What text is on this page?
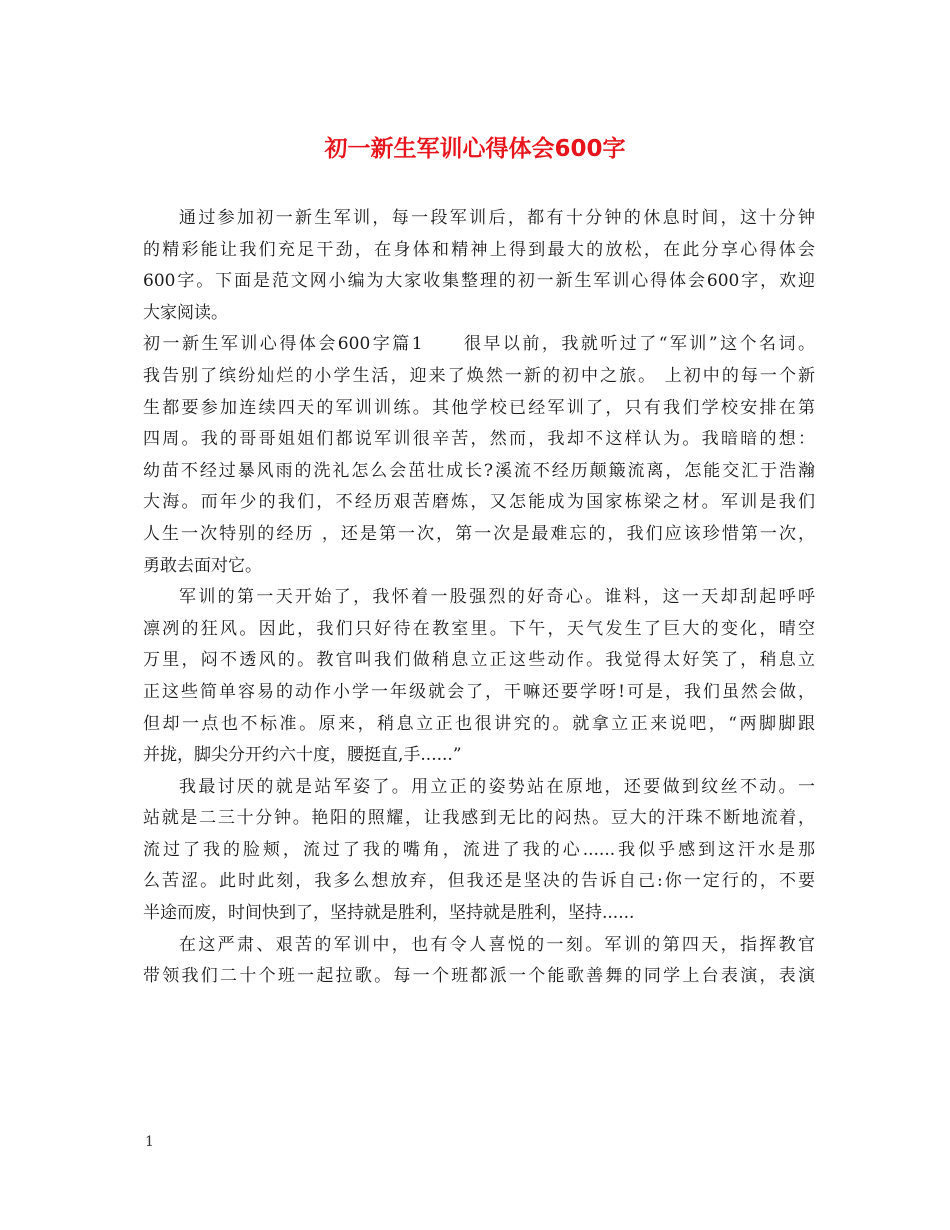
初一新生军训心得体会600字
通过参加初一新生军训，每一段军训后，都有十分钟的休息时间，这十分钟
的精彩能让我们充足干劲，在身体和精神上得到最大的放松，在此分享心得体会
600字。下面是范文网小编为大家收集整理的初一新生军训心得体会600字，欢迎
大家阅读。
初一新生军训心得体会600字篇1　　很早以前，我就听过了“军训”这个名词。
我告别了缤纷灿烂的小学生活，迎来了焕然一新的初中之旅。 上初中的每一个新
生都要参加连续四天的军训训练。其他学校已经军训了，只有我们学校安排在第
四周。我的哥哥姐姐们都说军训很辛苦，然而，我却不这样认为。我暗暗的想：
幼苗不经过暴风雨的洗礼怎么会茁壮成长?溪流不经历颠簸流离，怎能交汇于浩瀚
大海。而年少的我们，不经历艰苦磨炼，又怎能成为国家栋梁之材。军训是我们
人生一次特别的经历 ，还是第一次，第一次是最难忘的，我们应该珍惜第一次，
勇敢去面对它。
军训的第一天开始了，我怀着一股强烈的好奇心。谁料，这一天却刮起呼呼
凛冽的狂风。因此，我们只好待在教室里。下午，天气发生了巨大的变化，晴空
万里，闷不透风的。教官叫我们做稍息立正这些动作。我觉得太好笑了，稍息立
正这些简单容易的动作小学一年级就会了，干嘛还要学呀!可是，我们虽然会做，
但却一点也不标准。原来，稍息立正也很讲究的。就拿立正来说吧，“两脚脚跟
并拢，脚尖分开约六十度，腰挺直,手......”
我最讨厌的就是站军姿了。用立正的姿势站在原地，还要做到纹丝不动。一
站就是二三十分钟。艳阳的照耀，让我感到无比的闷热。豆大的汗珠不断地流着，
流过了我的脸颊，流过了我的嘴角，流进了我的心......我似乎感到这汗水是那
么苦涩。此时此刻，我多么想放弃，但我还是坚决的告诉自己:你一定行的，不要
半途而废，时间快到了，坚持就是胜利，坚持就是胜利，坚持......
在这严肃、艰苦的军训中，也有令人喜悦的一刻。军训的第四天，指挥教官
带领我们二十个班一起拉歌。每一个班都派一个能歌善舞的同学上台表演，表演
1
